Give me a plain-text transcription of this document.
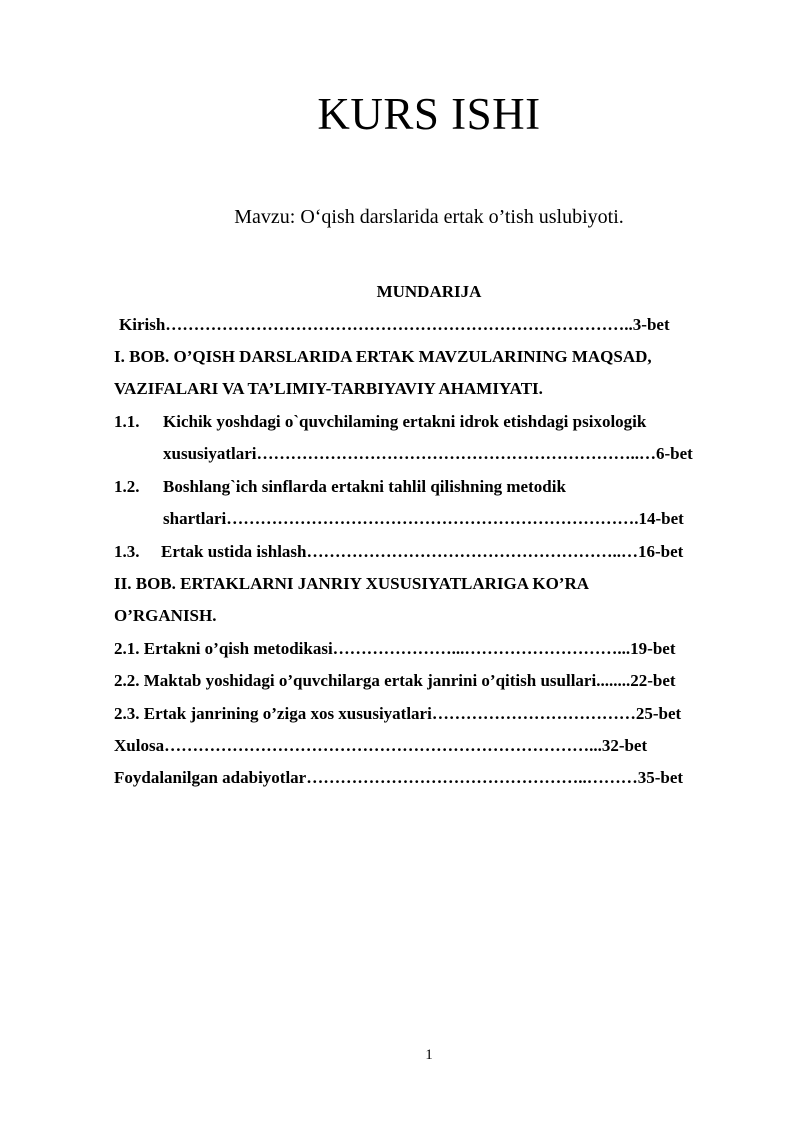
KURS ISHI
Mavzu: O‘qish darslarida ertak o’tish uslubiyoti.
MUNDARIJA
Kirish………………………………………………………………………..3-bet
I. BOB. O’QISH DARSLARIDA ERTAK MAVZULARINING MAQSAD,
VAZIFALARI VA TA’LIMIY-TARBIYAVIY AHAMIYATI.
1.1. Kichik yoshdagi o`quvchilaming ertakni idrok etishdagi psixologik
xususiyatlari…………………………………………………………..…6-bet
1.2. Boshlang`ich sinflarda ertakni tahlil qilishning metodik
shartlari……………………………………………………………….14-bet
1.3. Ertak ustida ishlash………………………………………………..…16-bet
II. BOB. ERTAKLARNI JANRIY XUSUSIYATLARIGA KO’RA
O’RGANISH.
2.1. Ertakni o’qish metodikasi…………………...………………………...19-bet
2.2. Maktab yoshidagi o’quvchilarga ertak janrini o’qitish usullari........22-bet
2.3. Ertak janrining o’ziga xos xususiyatlari………………………………25-bet
Xulosa…………………………………………………………………...32-bet
Foydalanilgan adabiyotlar…………………………………………..………35-bet
1
